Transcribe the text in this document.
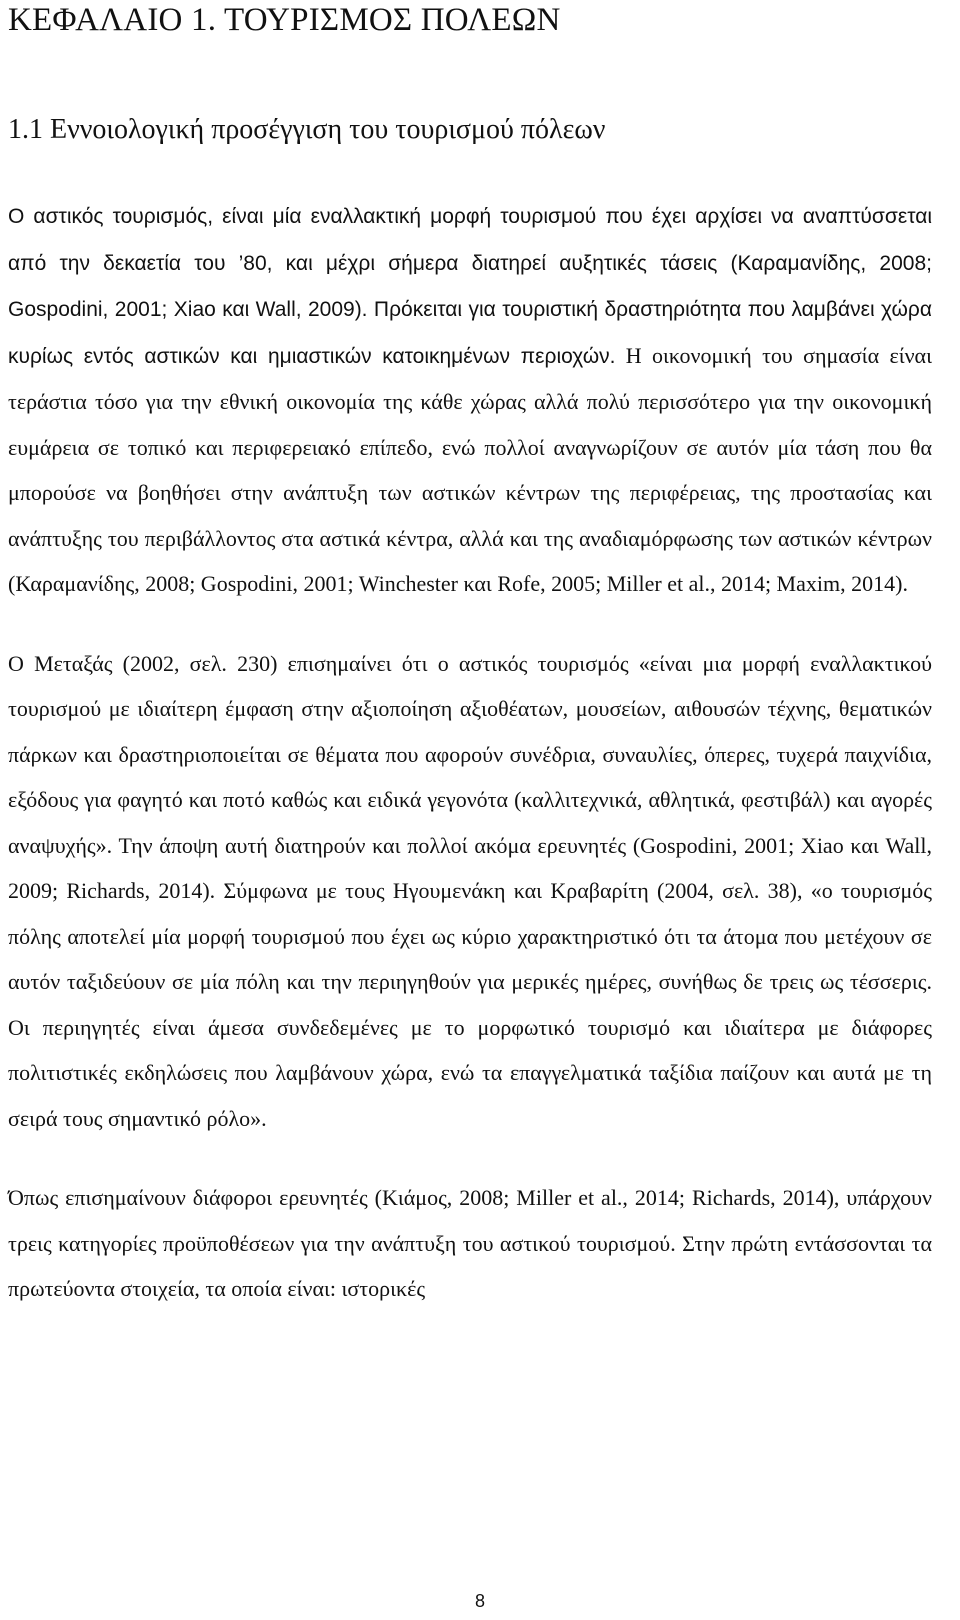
ΚΕΦΑΛΑΙΟ 1. ΤΟΥΡΙΣΜΟΣ ΠΟΛΕΩΝ
1.1 Εννοιολογική προσέγγιση του τουρισμού πόλεων

Ο αστικός τουρισμός, είναι μία εναλλακτική μορφή τουρισμού που έχει αρχίσει να αναπτύσσεται από την δεκαετία του ’80, και μέχρι σήμερα διατηρεί αυξητικές τάσεις (Καραμανίδης, 2008; Gospodini, 2001; Xiao και Wall, 2009). Πρόκειται για τουριστική δραστηριότητα που λαμβάνει χώρα κυρίως εντός αστικών και ημιαστικών κατοικημένων περιοχών. Η οικονομική του σημασία είναι τεράστια τόσο για την εθνική οικονομία της κάθε χώρας αλλά πολύ περισσότερο για την οικονομική ευμάρεια σε τοπικό και περιφερειακό επίπεδο, ενώ πολλοί αναγνωρίζουν σε αυτόν μία τάση που θα μπορούσε να βοηθήσει στην ανάπτυξη των αστικών κέντρων της περιφέρειας, της προστασίας και ανάπτυξης του περιβάλλοντος στα αστικά κέντρα, αλλά και της αναδιαμόρφωσης των αστικών κέντρων (Καραμανίδης, 2008; Gospodini, 2001; Winchester και Rofe, 2005; Miller et al., 2014; Maxim, 2014).

Ο Μεταξάς (2002, σελ. 230) επισημαίνει ότι ο αστικός τουρισμός «είναι μια μορφή εναλλακτικού τουρισμού με ιδιαίτερη έμφαση στην αξιοποίηση αξιοθέατων, μουσείων, αιθουσών τέχνης, θεματικών πάρκων και δραστηριοποιείται σε θέματα που αφορούν συνέδρια, συναυλίες, όπερες, τυχερά παιχνίδια, εξόδους για φαγητό και ποτό καθώς και ειδικά γεγονότα (καλλιτεχνικά, αθλητικά, φεστιβάλ) και αγορές αναψυχής». Την άποψη αυτή διατηρούν και πολλοί ακόμα ερευνητές (Gospodini, 2001; Xiao και Wall, 2009; Richards, 2014). Σύμφωνα με τους Ηγουμενάκη και Κραβαρίτη (2004, σελ. 38), «ο τουρισμός πόλης αποτελεί μία μορφή τουρισμού που έχει ως κύριο χαρακτηριστικό ότι τα άτομα που μετέχουν σε αυτόν ταξιδεύουν σε μία πόλη και την περιηγηθούν για μερικές ημέρες, συνήθως δε τρεις ως τέσσερις. Οι περιηγητές είναι άμεσα συνδεδεμένες με το μορφωτικό τουρισμό και ιδιαίτερα με διάφορες πολιτιστικές εκδηλώσεις που λαμβάνουν χώρα, ενώ τα επαγγελματικά ταξίδια παίζουν και αυτά με τη σειρά τους σημαντικό ρόλο».

Όπως επισημαίνουν διάφοροι ερευνητές (Κιάμος, 2008; Miller et al., 2014; Richards, 2014), υπάρχουν τρεις κατηγορίες προϋποθέσεων για την ανάπτυξη του αστικού τουρισμού. Στην πρώτη εντάσσονται τα πρωτεύοντα στοιχεία, τα οποία είναι: ιστορικές

8
